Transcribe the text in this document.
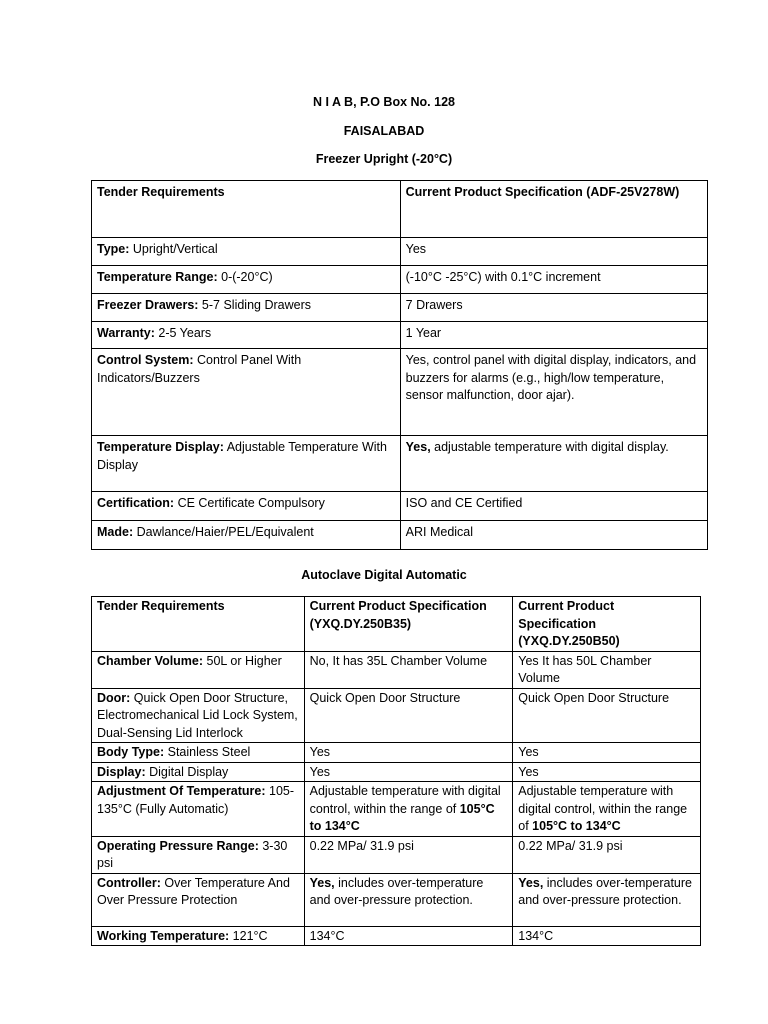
N I A B, P.O Box No. 128
FAISALABAD
Freezer Upright (-20°C)
Tender Requirements	Current Product Specification (ADF-25V278W)
Type: Upright/Vertical	Yes
Temperature Range: 0-(-20°C)	(-10°C -25°C) with 0.1°C increment
Freezer Drawers: 5-7 Sliding Drawers	7 Drawers
Warranty: 2-5 Years	1 Year
Control System: Control Panel With Indicators/Buzzers	Yes, control panel with digital display, indicators, and buzzers for alarms (e.g., high/low temperature, sensor malfunction, door ajar).
Temperature Display: Adjustable Temperature With Display	Yes, adjustable temperature with digital display.
Certification: CE Certificate Compulsory	ISO and CE Certified
Made: Dawlance/Haier/PEL/Equivalent	ARI Medical
Autoclave Digital Automatic
Tender Requirements	Current Product Specification (YXQ.DY.250B35)	Current Product Specification (YXQ.DY.250B50)
Chamber Volume: 50L or Higher	No, It has 35L Chamber Volume	Yes It has 50L Chamber Volume
Door: Quick Open Door Structure, Electromechanical Lid Lock System, Dual-Sensing Lid Interlock	Quick Open Door Structure	Quick Open Door Structure
Body Type: Stainless Steel	Yes	Yes
Display: Digital Display	Yes	Yes
Adjustment Of Temperature: 105-135°C (Fully Automatic)	Adjustable temperature with digital control, within the range of 105°C to 134°C	Adjustable temperature with digital control, within the range of 105°C to 134°C
Operating Pressure Range: 3-30 psi	0.22 MPa/ 31.9 psi	0.22 MPa/ 31.9 psi
Controller: Over Temperature And Over Pressure Protection	Yes, includes over-temperature and over-pressure protection.	Yes, includes over-temperature and over-pressure protection.
Working Temperature: 121°C	134°C	134°C
